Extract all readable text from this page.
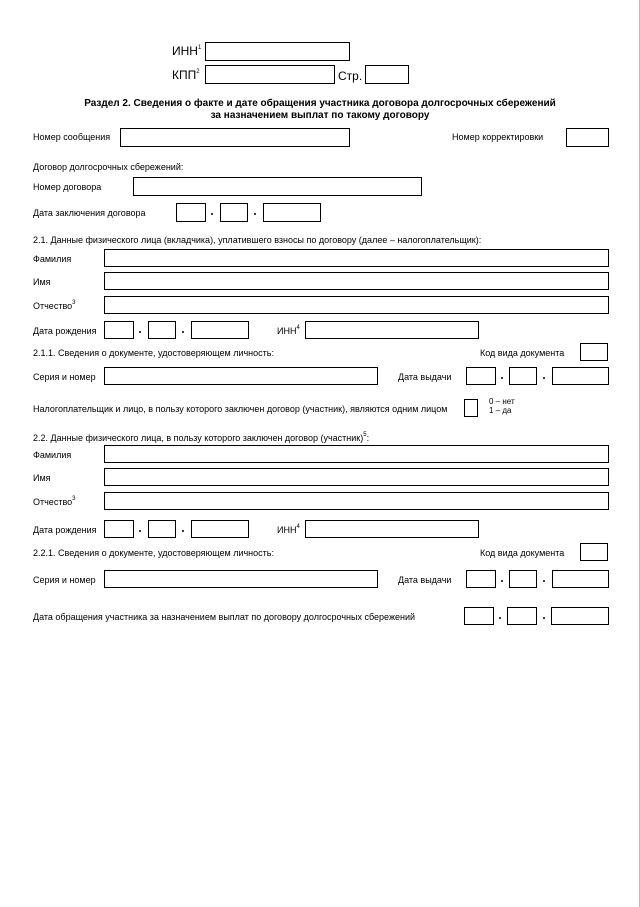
ИНН$^1$
КПП$^2$	Стр.
Раздел 2. Сведения о факте и дате обращения участника договора долгосрочных сбережений
за назначением выплат по такому договору
Номер сообщения	Номер корректировки
Договор долгосрочных сбережений:
Номер договора
Дата заключения договора
2.1. Данные физического лица (вкладчика), уплатившего взносы по договору (далее – налогоплательщик):
Фамилия
Имя
Отчество$^3$
Дата рождения	ИНН$^4$
2.1.1. Сведения о документе, удостоверяющем личность:	Код вида документа
Серия и номер	Дата выдачи
Налогоплательщик и лицо, в пользу которого заключен договор (участник), являются одним лицом
0 – нет
1 – да
2.2. Данные физического лица, в пользу которого заключен договор (участник)$^5$:
Фамилия
Имя
Отчество$^3$
Дата рождения	ИНН$^4$
2.2.1. Сведения о документе, удостоверяющем личность:	Код вида документа
Серия и номер	Дата выдачи
Дата обращения участника за назначением выплат по договору долгосрочных сбережений
